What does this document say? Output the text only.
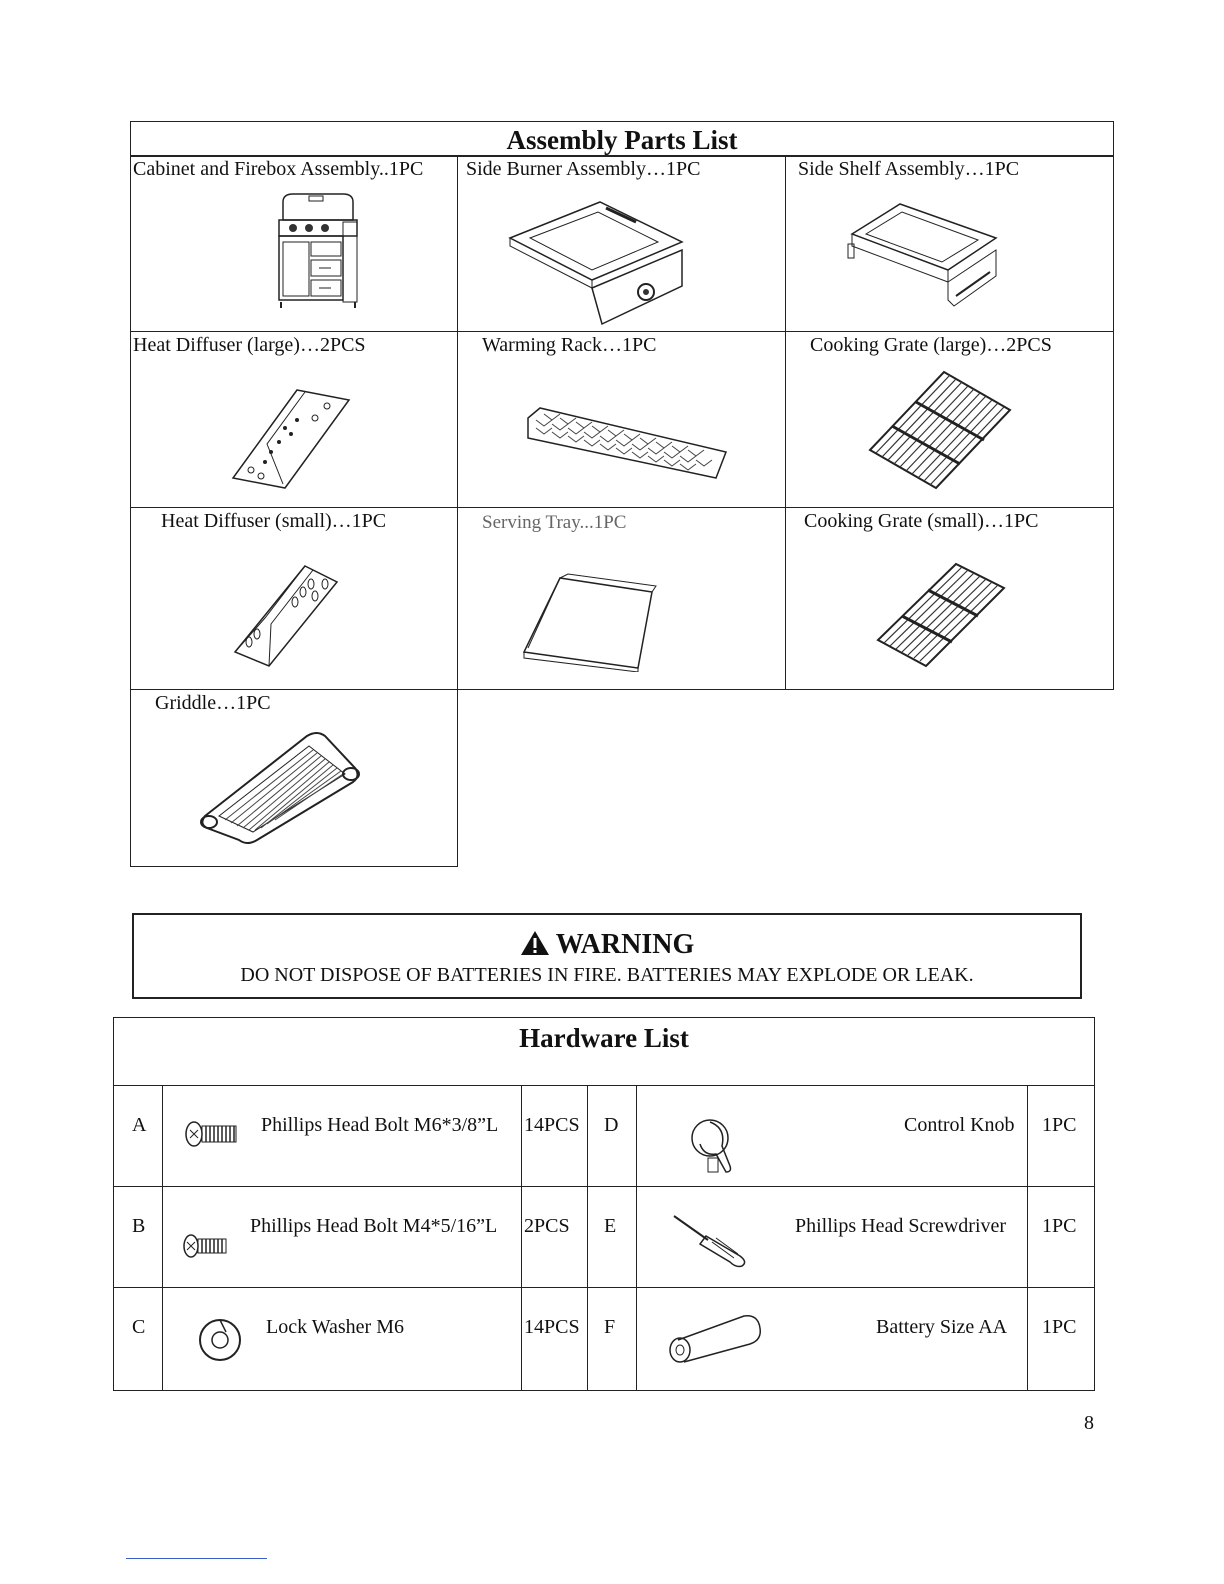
Assembly Parts List
Cabinet and Firebox Assembly..1PC Side Burner Assembly…1PC	Side Shelf Assembly…1PC
Heat Diffuser (large)…2PCS	Warming Rack…1PC	Cooking Grate (large)…2PCS
Heat Diffuser (small)…1PC	Serving Tray...1PC	Cooking Grate (small)…1PC
Griddle…1PC
WARNING
DO NOT DISPOSE OF BATTERIES IN FIRE. BATTERIES MAY EXPLODE OR LEAK.
Hardware List
A	Phillips Head Bolt M6*3/8”L 14PCS D	Control Knob 1PC
B	Phillips Head Bolt M4*5/16”L 2PCS E	Phillips Head Screwdriver 1PC
C	Lock Washer M6	14PCS F	Battery Size AA 1PC
8
